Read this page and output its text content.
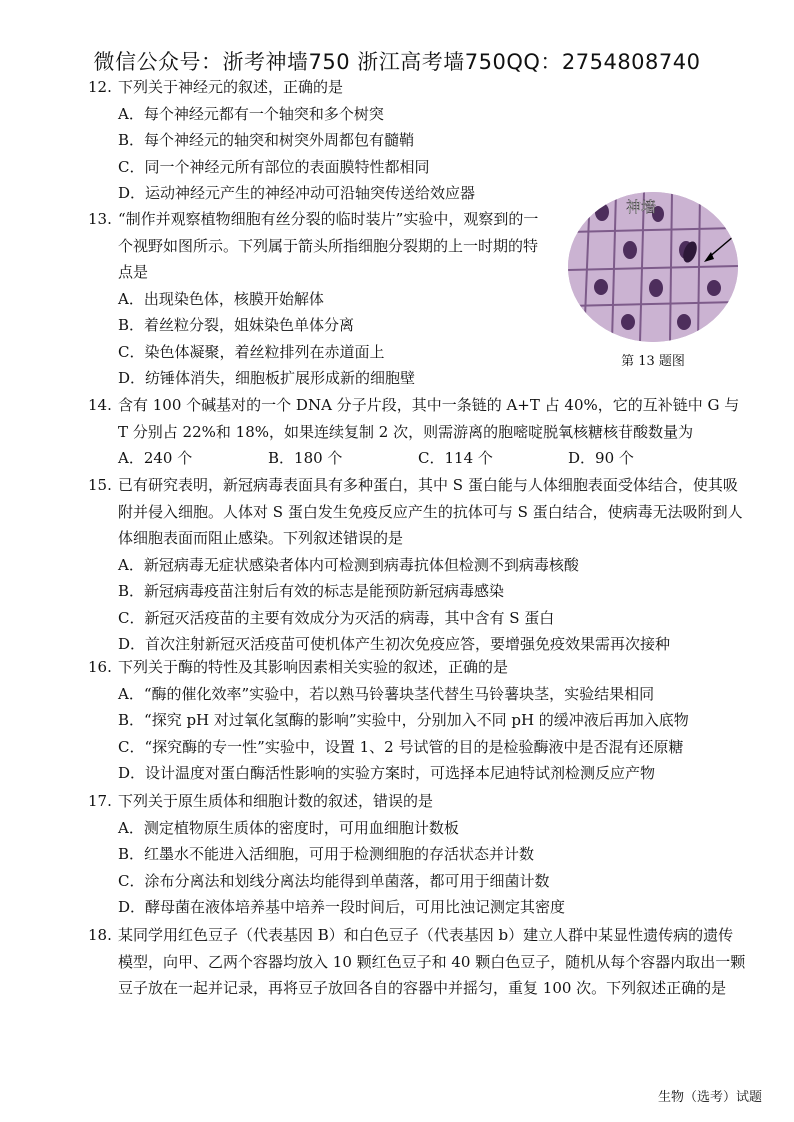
微信公众号：浙考神墙750 浙江高考墙750QQ：2754808740
12. 下列关于神经元的叙述，正确的是
A．每个神经元都有一个轴突和多个树突
B．每个神经元的轴突和树突外周都包有髓鞘
C．同一个神经元所有部位的表面膜特性都相同
D．运动神经元产生的神经冲动可沿轴突传送给效应器
13. “制作并观察植物细胞有丝分裂的临时装片”实验中，观察到的一个视野如图所示。下列属于箭头所指细胞分裂期的上一时期的特点是
A．出现染色体，核膜开始解体
B．着丝粒分裂，姐妹染色单体分离
C．染色体凝聚，着丝粒排列在赤道面上
D．纺锤体消失，细胞板扩展形成新的细胞壁
神墙
第 13 题图
14. 含有 100 个碱基对的一个 DNA 分子片段，其中一条链的 A+T 占 40%，它的互补链中 G 与 T 分别占 22%和 18%，如果连续复制 2 次，则需游离的胞嘧啶脱氧核糖核苷酸数量为
A．240 个	B．180 个	C．114 个	D．90 个
15. 已有研究表明，新冠病毒表面具有多种蛋白，其中 S 蛋白能与人体细胞表面受体结合，使其吸附并侵入细胞。人体对 S 蛋白发生免疫反应产生的抗体可与 S 蛋白结合，使病毒无法吸附到人体细胞表面而阻止感染。下列叙述错误的是
A．新冠病毒无症状感染者体内可检测到病毒抗体但检测不到病毒核酸
B．新冠病毒疫苗注射后有效的标志是能预防新冠病毒感染
C．新冠灭活疫苗的主要有效成分为灭活的病毒，其中含有 S 蛋白
D．首次注射新冠灭活疫苗可使机体产生初次免疫应答，要增强免疫效果需再次接种
16. 下列关于酶的特性及其影响因素相关实验的叙述，正确的是
A．“酶的催化效率”实验中，若以熟马铃薯块茎代替生马铃薯块茎，实验结果相同
B．“探究 pH 对过氧化氢酶的影响”实验中，分别加入不同 pH 的缓冲液后再加入底物
C．“探究酶的专一性”实验中，设置 1、2 号试管的目的是检验酶液中是否混有还原糖
D．设计温度对蛋白酶活性影响的实验方案时，可选择本尼迪特试剂检测反应产物
17. 下列关于原生质体和细胞计数的叙述，错误的是
A．测定植物原生质体的密度时，可用血细胞计数板
B．红墨水不能进入活细胞，可用于检测细胞的存活状态并计数
C．涂布分离法和划线分离法均能得到单菌落，都可用于细菌计数
D．酵母菌在液体培养基中培养一段时间后，可用比浊记测定其密度
18. 某同学用红色豆子（代表基因 B）和白色豆子（代表基因 b）建立人群中某显性遗传病的遗传模型，向甲、乙两个容器均放入 10 颗红色豆子和 40 颗白色豆子，随机从每个容器内取出一颗豆子放在一起并记录，再将豆子放回各自的容器中并摇匀，重复 100 次。下列叙述正确的是
生物（选考）试题
